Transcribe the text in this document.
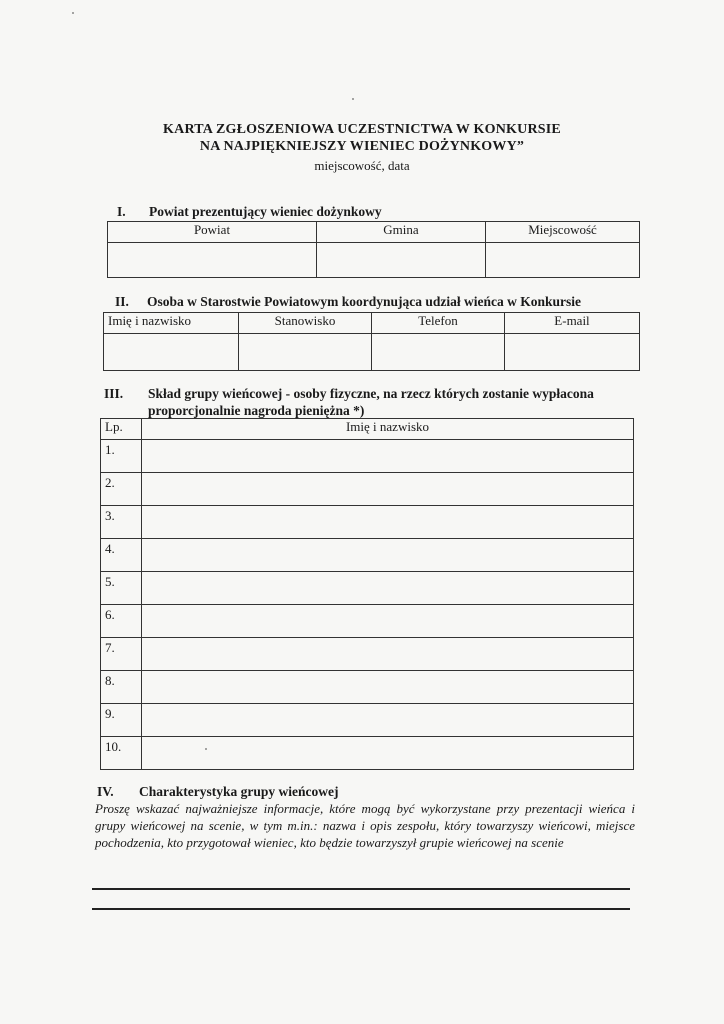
KARTA ZGŁOSZENIOWA UCZESTNICTWA W KONKURSIE
NA NAJPIĘKNIEJSZY WIENIEC DOŻYNKOWY”
miejscowość, data
I. Powiat prezentujący wieniec dożynkowy
Powiat	Gmina	Miejscowość

II. Osoba w Starostwie Powiatowym koordynująca udział wieńca w Konkursie
Imię i nazwisko	Stanowisko	Telefon	E-mail

III. Skład grupy wieńcowej - osoby fizyczne, na rzecz których zostanie wypłacona
proporcjonalnie nagroda pieniężna *)
Lp.	Imię i nazwisko
1.	
2.	
3.	
4.	
5.	
6.	
7.	
8.	
9.	
10.	
IV. Charakterystyka grupy wieńcowej
Proszę wskazać najważniejsze informacje, które mogą być wykorzystane przy prezentacji wieńca i grupy wieńcowej na scenie, w tym m.in.: nazwa i opis zespołu, który towarzyszy wieńcowi, miejsce pochodzenia, kto przygotował wieniec, kto będzie towarzyszył grupie wieńcowej na scenie
